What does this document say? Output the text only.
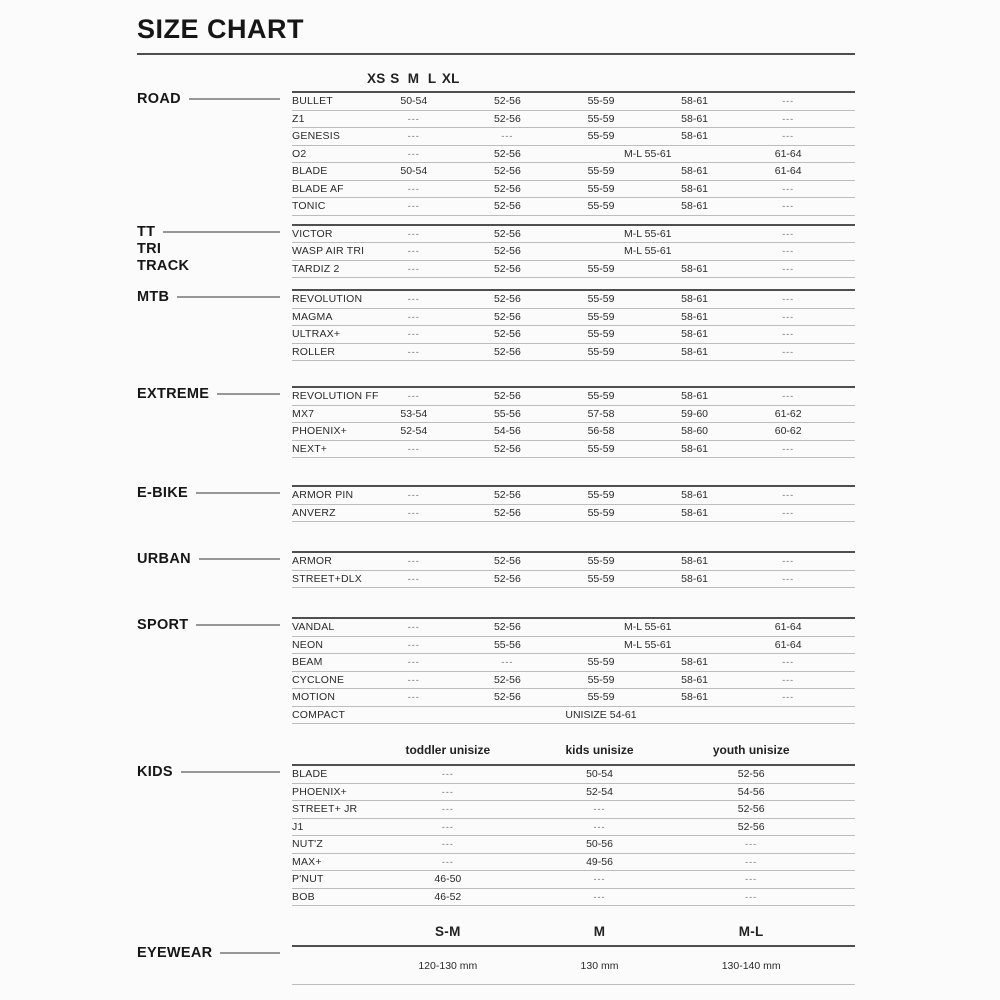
SIZE CHART
XS S M L XL
ROAD	BULLET	50-54	52-56	55-59	58-61	---
Z1	---	52-56	55-59	58-61	---
GENESIS	---	---	55-59	58-61	---
O2	---	52-56	M-L 55-61	61-64
BLADE	50-54	52-56	55-59	58-61	61-64
BLADE AF	---	52-56	55-59	58-61	---
TONIC	---	52-56	55-59	58-61	---
TT
TRI
TRACK
VICTOR	---	52-56	M-L 55-61	---
WASP AIR TRI	---	52-56	M-L 55-61	---
TARDIZ 2	---	52-56	55-59	58-61	---
MTB	REVOLUTION	---	52-56	55-59	58-61	---
MAGMA	---	52-56	55-59	58-61	---
ULTRAX+	---	52-56	55-59	58-61	---
ROLLER	---	52-56	55-59	58-61	---
EXTREME	REVOLUTION FF	---	52-56	55-59	58-61	---
MX7	53-54	55-56	57-58	59-60	61-62
PHOENIX+	52-54	54-56	56-58	58-60	60-62
NEXT+	---	52-56	55-59	58-61	---
E-BIKE	ARMOR PIN	---	52-56	55-59	58-61	---
ANVERZ	---	52-56	55-59	58-61	---
URBAN	ARMOR	---	52-56	55-59	58-61	---
STREET+DLX	---	52-56	55-59	58-61	---
SPORT	VANDAL	---	52-56	M-L 55-61	61-64
NEON	---	55-56	M-L 55-61	61-64
BEAM	---	---	55-59	58-61	---
CYCLONE	---	52-56	55-59	58-61	---
MOTION	---	52-56	55-59	58-61	---
COMPACT	UNISIZE 54-61
KIDS
toddler unisize	kids unisize	youth unisize
BLADE	---	50-54	52-56
PHOENIX+	---	52-54	54-56
STREET+ JR	---	---	52-56
J1	---	---	52-56
NUT'Z	---	50-56	---
MAX+	---	49-56	---
P'NUT	46-50	---	---
BOB	46-52	---	---
EYEWEAR
S-M	M	M-L
120-130 mm	130 mm	130-140 mm
